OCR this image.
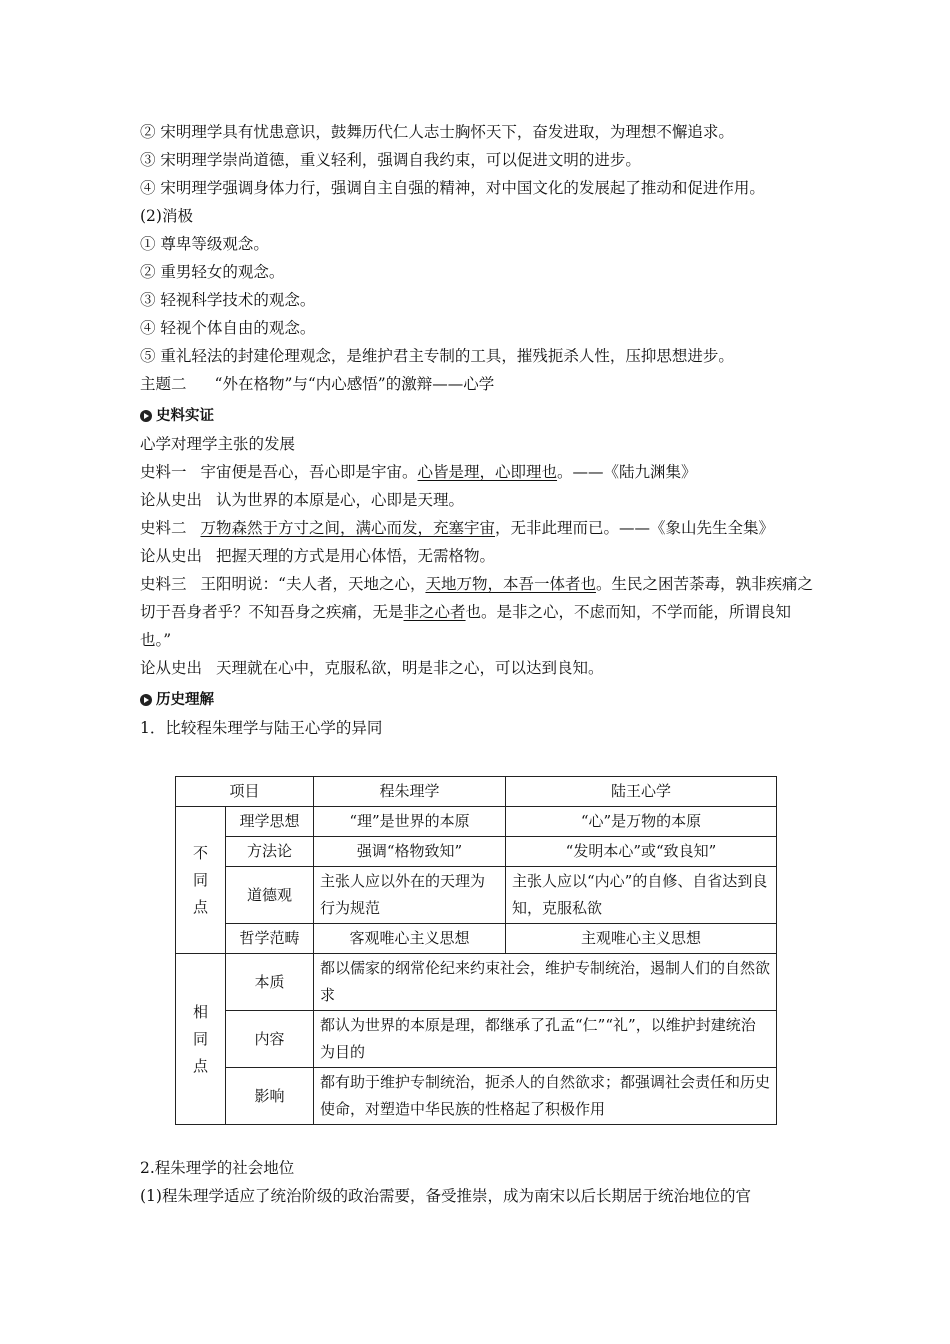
② 宋明理学具有忧患意识，鼓舞历代仁人志士胸怀天下，奋发进取，为理想不懈追求。
③ 宋明理学崇尚道德，重义轻利，强调自我约束，可以促进文明的进步。
④ 宋明理学强调身体力行，强调自主自强的精神，对中国文化的发展起了推动和促进作用。
(2)消极
① 尊卑等级观念。
② 重男轻女的观念。
③ 轻视科学技术的观念。
④ 轻视个体自由的观念。
⑤ 重礼轻法的封建伦理观念，是维护君主专制的工具，摧残扼杀人性，压抑思想进步。
主题二 “外在格物”与“内心感悟”的激辩——心学
史料实证
心学对理学主张的发展
史料一 宇宙便是吾心，吾心即是宇宙。心皆是理，心即理也。——《陆九渊集》
论从史出 认为世界的本原是心，心即是天理。
史料二 万物森然于方寸之间，满心而发，充塞宇宙，无非此理而已。——《象山先生全集》
论从史出 把握天理的方式是用心体悟，无需格物。
史料三 王阳明说：“夫人者，天地之心，天地万物，本吾一体者也。生民之困苦荼毒，孰非疾痛之切于吾身者乎？不知吾身之疾痛，无是非之心者也。是非之心，不虑而知，不学而能，所谓良知也。”
论从史出 天理就在心中，克服私欲，明是非之心，可以达到良知。
历史理解
1．比较程朱理学与陆王心学的异同
项目		程朱理学	陆王心学

不
同
点	理学思想	“理”是世界的本原	“心”是万物的本原
	方法论	强调“格物致知”	“发明本心”或“致良知”
	道德观	主张人应以外在的天理为行为规范	主张人应以“内心”的自修、自省达到良知，克服私欲
	哲学范畴	客观唯心主义思想	主观唯心主义思想

相
同
点	本质	都以儒家的纲常伦纪来约束社会，维护专制统治，遏制人们的自然欲求	
	内容	都认为世界的本原是理，都继承了孔孟“仁”“礼”，以维护封建统治为目的	
	影响	都有助于维护专制统治，扼杀人的自然欲求；都强调社会责任和历史使命，对塑造中华民族的性格起了积极作用	
2.程朱理学的社会地位
(1)程朱理学适应了统治阶级的政治需要，备受推崇，成为南宋以后长期居于统治地位的官
